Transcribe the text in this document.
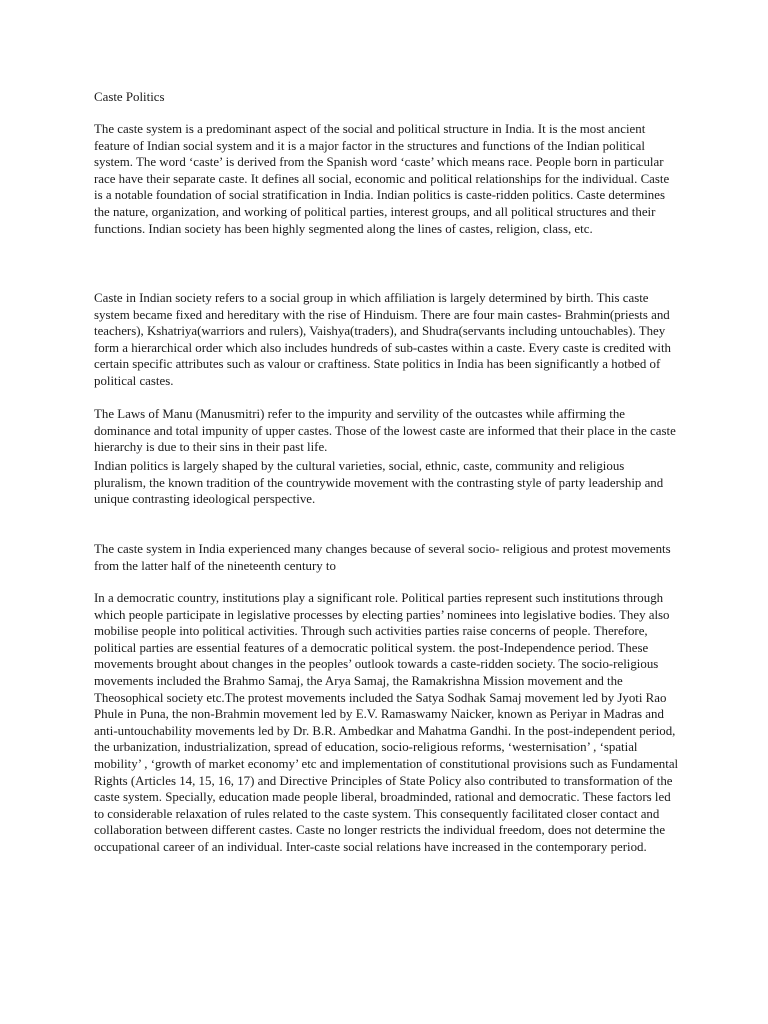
Caste Politics

The caste system is a predominant aspect of the social and political structure in India. It is the most ancient feature of Indian social system and it is a major factor in the structures and functions of the Indian political system. The word ‘caste’ is derived from the Spanish word ‘caste’ which means race. People born in particular race have their separate caste. It defines all social, economic and political relationships for the individual. Caste is a notable foundation of social stratification in India. Indian politics is caste-ridden politics. Caste determines the nature, organization, and working of political parties, interest groups, and all political structures and their functions. Indian society has been highly segmented along the lines of castes, religion, class, etc.

Caste in Indian society refers to a social group in which affiliation is largely determined by birth. This caste system became fixed and hereditary with the rise of Hinduism. There are four main castes- Brahmin(priests and teachers), Kshatriya(warriors and rulers), Vaishya(traders), and Shudra(servants including untouchables). They form a hierarchical order which also includes hundreds of sub-castes within a caste. Every caste is credited with certain specific attributes such as valour or craftiness. State politics in India has been significantly a hotbed of political castes.

The Laws of Manu (Manusmitri) refer to the impurity and servility of the outcastes while affirming the dominance and total impunity of upper castes. Those of the lowest caste are informed that their place in the caste hierarchy is due to their sins in their past life.

Indian politics is largely shaped by the cultural varieties, social, ethnic, caste, community and religious pluralism, the known tradition of the countrywide movement with the contrasting style of party leadership and unique contrasting ideological perspective.

The caste system in India experienced many changes because of several socio- religious and protest movements from the latter half of the nineteenth century to

In a democratic country, institutions play a significant role. Political parties represent such institutions through which people participate in legislative processes by electing parties’ nominees into legislative bodies. They also mobilise people into political activities. Through such activities parties raise concerns of people. Therefore, political parties are essential features of a democratic political system. the post-Independence period. These movements brought about changes in the peoples’ outlook towards a caste-ridden society. The socio-religious movements included the Brahmo Samaj, the Arya Samaj, the Ramakrishna Mission movement and the Theosophical society etc.The protest movements included the Satya Sodhak Samaj movement led by Jyoti Rao Phule in Puna, the non-Brahmin movement led by E.V. Ramaswamy Naicker, known as Periyar in Madras and anti-untouchability movements led by Dr. B.R. Ambedkar and Mahatma Gandhi. In the post-independent period, the urbanization, industrialization, spread of education, socio-religious reforms, ‘westernisation’ , ‘spatial mobility’ , ‘growth of market economy’ etc and implementation of constitutional provisions such as Fundamental Rights (Articles 14, 15, 16, 17) and Directive Principles of State Policy also contributed to transformation of the caste system. Specially, education made people liberal, broadminded, rational and democratic. These factors led to considerable relaxation of rules related to the caste system. This consequently facilitated closer contact and collaboration between different castes. Caste no longer restricts the individual freedom, does not determine the occupational career of an individual. Inter-caste social relations have increased in the contemporary period.
